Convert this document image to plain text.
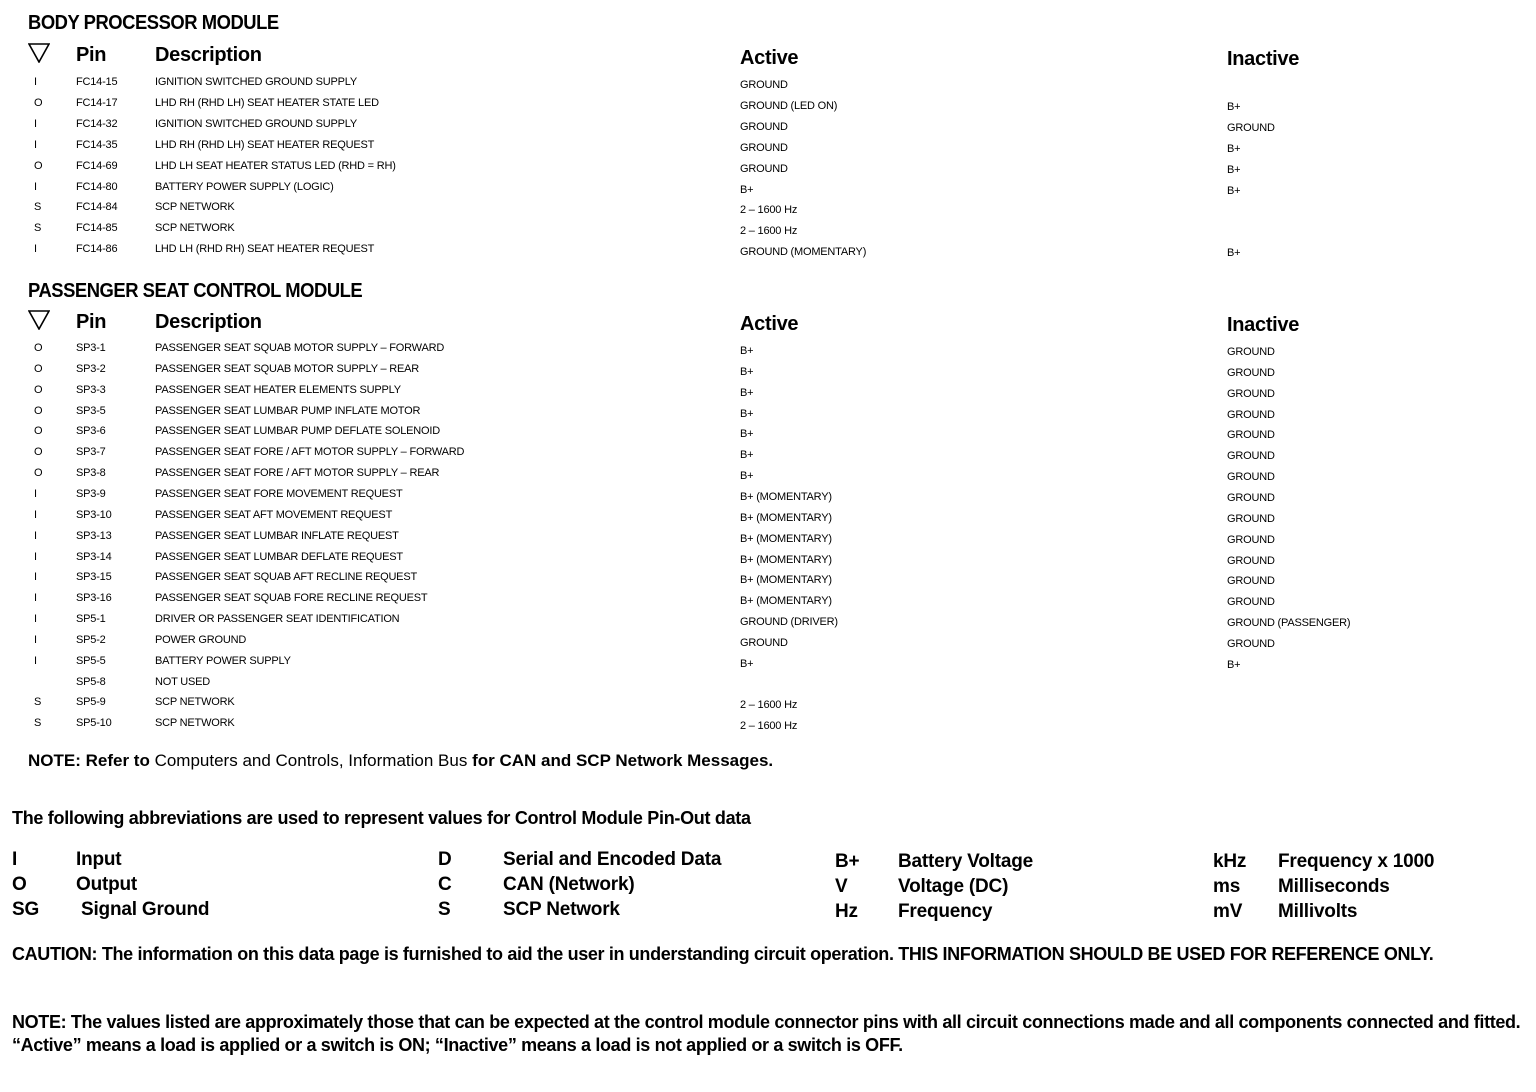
BODY PROCESSOR MODULE
Pin Description	Active	Inactive
I	FC14-15	IGNITION SWITCHED GROUND SUPPLY	GROUND
O	FC14-17	LHD RH (RHD LH) SEAT HEATER STATE LED	GROUND (LED ON)	B+
I	FC14-32	IGNITION SWITCHED GROUND SUPPLY	GROUND	GROUND
I	FC14-35	LHD RH (RHD LH) SEAT HEATER REQUEST	GROUND	B+
O	FC14-69	LHD LH SEAT HEATER STATUS LED (RHD = RH)	GROUND	B+
I	FC14-80	BATTERY POWER SUPPLY (LOGIC)	B+	B+
S	FC14-84	SCP NETWORK	2 – 1600 Hz
S	FC14-85	SCP NETWORK	2 – 1600 Hz
I	FC14-86	LHD LH (RHD RH) SEAT HEATER REQUEST	GROUND (MOMENTARY)	B+
PASSENGER SEAT CONTROL MODULE
Pin Description	Active	Inactive
O	SP3-1	PASSENGER SEAT SQUAB MOTOR SUPPLY – FORWARD	B+	GROUND
O	SP3-2	PASSENGER SEAT SQUAB MOTOR SUPPLY – REAR	B+	GROUND
O	SP3-3	PASSENGER SEAT HEATER ELEMENTS SUPPLY	B+	GROUND
O	SP3-5	PASSENGER SEAT LUMBAR PUMP INFLATE MOTOR	B+	GROUND
O	SP3-6	PASSENGER SEAT LUMBAR PUMP DEFLATE SOLENOID	B+	GROUND
O	SP3-7	PASSENGER SEAT FORE / AFT MOTOR SUPPLY – FORWARD	B+	GROUND
O	SP3-8	PASSENGER SEAT FORE / AFT MOTOR SUPPLY – REAR	B+	GROUND
I	SP3-9	PASSENGER SEAT FORE MOVEMENT REQUEST	B+ (MOMENTARY)	GROUND
I	SP3-10	PASSENGER SEAT AFT MOVEMENT REQUEST	B+ (MOMENTARY)	GROUND
I	SP3-13	PASSENGER SEAT LUMBAR INFLATE REQUEST	B+ (MOMENTARY)	GROUND
I	SP3-14	PASSENGER SEAT LUMBAR DEFLATE REQUEST	B+ (MOMENTARY)	GROUND
I	SP3-15	PASSENGER SEAT SQUAB AFT RECLINE REQUEST	B+ (MOMENTARY)	GROUND
I	SP3-16	PASSENGER SEAT SQUAB FORE RECLINE REQUEST	B+ (MOMENTARY)	GROUND
I	SP5-1	DRIVER OR PASSENGER SEAT IDENTIFICATION	GROUND (DRIVER)	GROUND (PASSENGER)
I	SP5-2	POWER GROUND	GROUND	GROUND
I	SP5-5	BATTERY POWER SUPPLY	B+	B+
SP5-8	NOT USED
S	SP5-9	SCP NETWORK	2 – 1600 Hz
S	SP5-10	SCP NETWORK	2 – 1600 Hz
NOTE: Refer to Computers and Controls, Information Bus for CAN and SCP Network Messages.
The following abbreviations are used to represent values for Control Module Pin-Out data
I	Input
O	Output
SG Signal Ground
D	Serial and Encoded Data
C	CAN (Network)
S	SCP Network
B+ Battery Voltage
V	Voltage (DC)
Hz Frequency
kHz Frequency x 1000
ms Milliseconds
mV Millivolts
CAUTION: The information on this data page is furnished to aid the user in understanding circuit operation. THIS INFORMATION SHOULD BE USED FOR REFERENCE ONLY.
NOTE: The values listed are approximately those that can be expected at the control module connector pins with all circuit connections made and all components connected and fitted. “Active” means a load is applied or a switch is ON; “Inactive” means a load is not applied or a switch is OFF.
